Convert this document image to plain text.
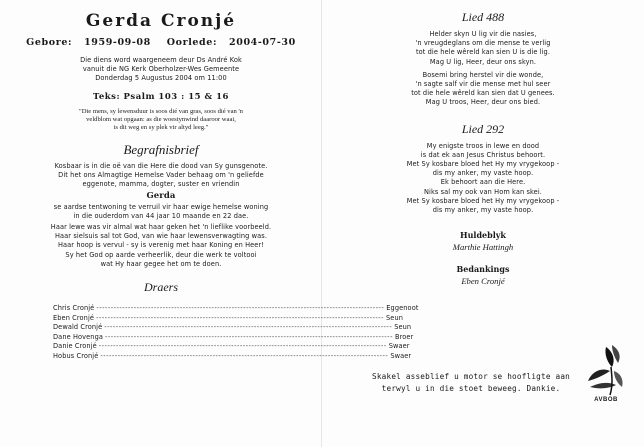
Gerda Cronjé
Gebore: 1959-09-08 Oorlede: 2004-07-30
Die diens word waargeneem deur Ds André Kok
vanuit die NG Kerk Oberholzer-Wes Gemeente
Donderdag 5 Augustus 2004 om 11:00
Teks: Psalm 103 : 15 & 16
"Die mens, sy lewensduur is soos dié van gras, soos dié van 'n
veldblom wat opgaan: as die woestynwind daaroor waai,
is dit weg en sy plek vir altyd leeg."
Begrafnisbrief
Kosbaar is in die oë van die Here die dood van Sy gunsgenote.
Dit het ons Almagtige Hemelse Vader behaag om 'n geliefde
eggenote, mamma, dogter, suster en vriendin
Gerda
se aardse tentwoning te verruil vir haar ewige hemelse woning
in die ouderdom van 44 jaar 10 maande en 22 dae.
Haar lewe was vir almal wat haar geken het 'n lieflike voorbeeld.
Haar sielsuis sal tot God, van wie haar lewensverwagting was.
Haar hoop is vervul - sy is verenig met haar Koning en Heer!
Sy het God op aarde verheerlik, deur die werk te voltooi
wat Hy haar gegee het om te doen.
Draers
Chris Cronjé ---------------------------------------------------------------------------------------------------- Eggenoot
Eben Cronjé ---------------------------------------------------------------------------------------------------- Seun
Dewald Cronjé ---------------------------------------------------------------------------------------------------- Seun
Dane Hovenga ---------------------------------------------------------------------------------------------------- Broer
Danie Cronjé ---------------------------------------------------------------------------------------------------- Swaer
Hobus Cronjé ---------------------------------------------------------------------------------------------------- Swaer
Lied 488
Helder skyn U lig vir die nasies,
'n vreugdeglans om die mense te verlig
tot die hele wêreld kan sien U is die lig.
Mag U lig, Heer, deur ons skyn.
Bosemi bring herstel vir die wonde,
'n sagte salf vir die mense met hul seer
tot die hele wêreld kan sien dat U genees.
Mag U troos, Heer, deur ons bied.
Lied 292
My enigste troos in lewe en dood
is dat ek aan Jesus Christus behoort.
Met Sy kosbare bloed het Hy my vrygekoop -
dis my anker, my vaste hoop.
Ek behoort aan die Here.
Niks sal my ook van Hom kan skei.
Met Sy kosbare bloed het Hy my vrygekoop -
dis my anker, my vaste hoop.
Huldeblyk
Marthie Hattingh
Bedankings
Eben Cronjé
Skakel asseblief u motor se hoofligte aan
terwyl u in die stoet beweeg. Dankie.
AVBOB
